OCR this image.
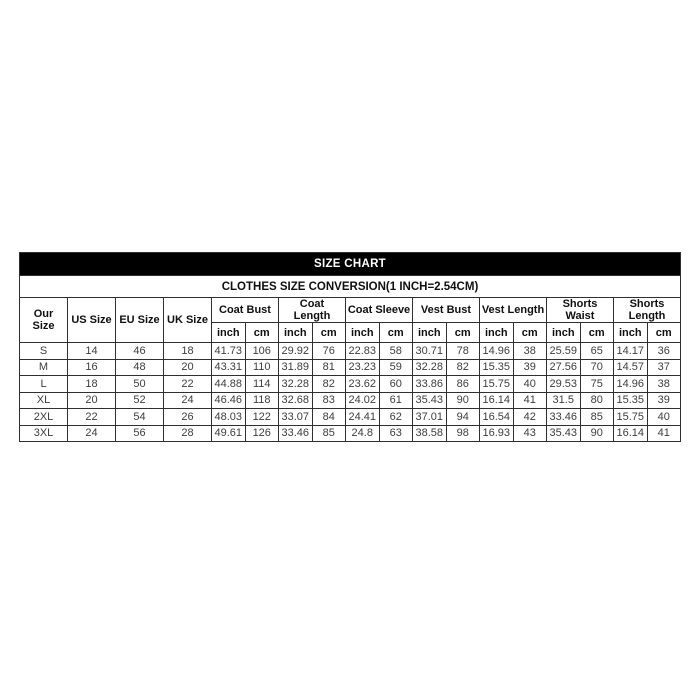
SIZE CHART																	
CLOTHES SIZE CONVERSION(1 INCH=2.54CM)																	
Our
Size	US Size	EU Size	UK Size	Coat Bust		Coat Length		Coat Sleeve		Vest Bust		Vest Length		Shorts Waist		Shorts Length	
				inch	cm	inch	cm	inch	cm	inch	cm	inch	cm	inch	cm	inch	cm
S	14	46	18	41.73	106	29.92	76	22.83	58	30.71	78	14.96	38	25.59	65	14.17	36
M	16	48	20	43.31	110	31.89	81	23.23	59	32.28	82	15.35	39	27.56	70	14.57	37
L	18	50	22	44.88	114	32.28	82	23.62	60	33.86	86	15.75	40	29.53	75	14.96	38
XL	20	52	24	46.46	118	32.68	83	24.02	61	35.43	90	16.14	41	31.5	80	15.35	39
2XL	22	54	26	48.03	122	33.07	84	24.41	62	37.01	94	16.54	42	33.46	85	15.75	40
3XL	24	56	28	49.61	126	33.46	85	24.8	63	38.58	98	16.93	43	35.43	90	16.14	41
